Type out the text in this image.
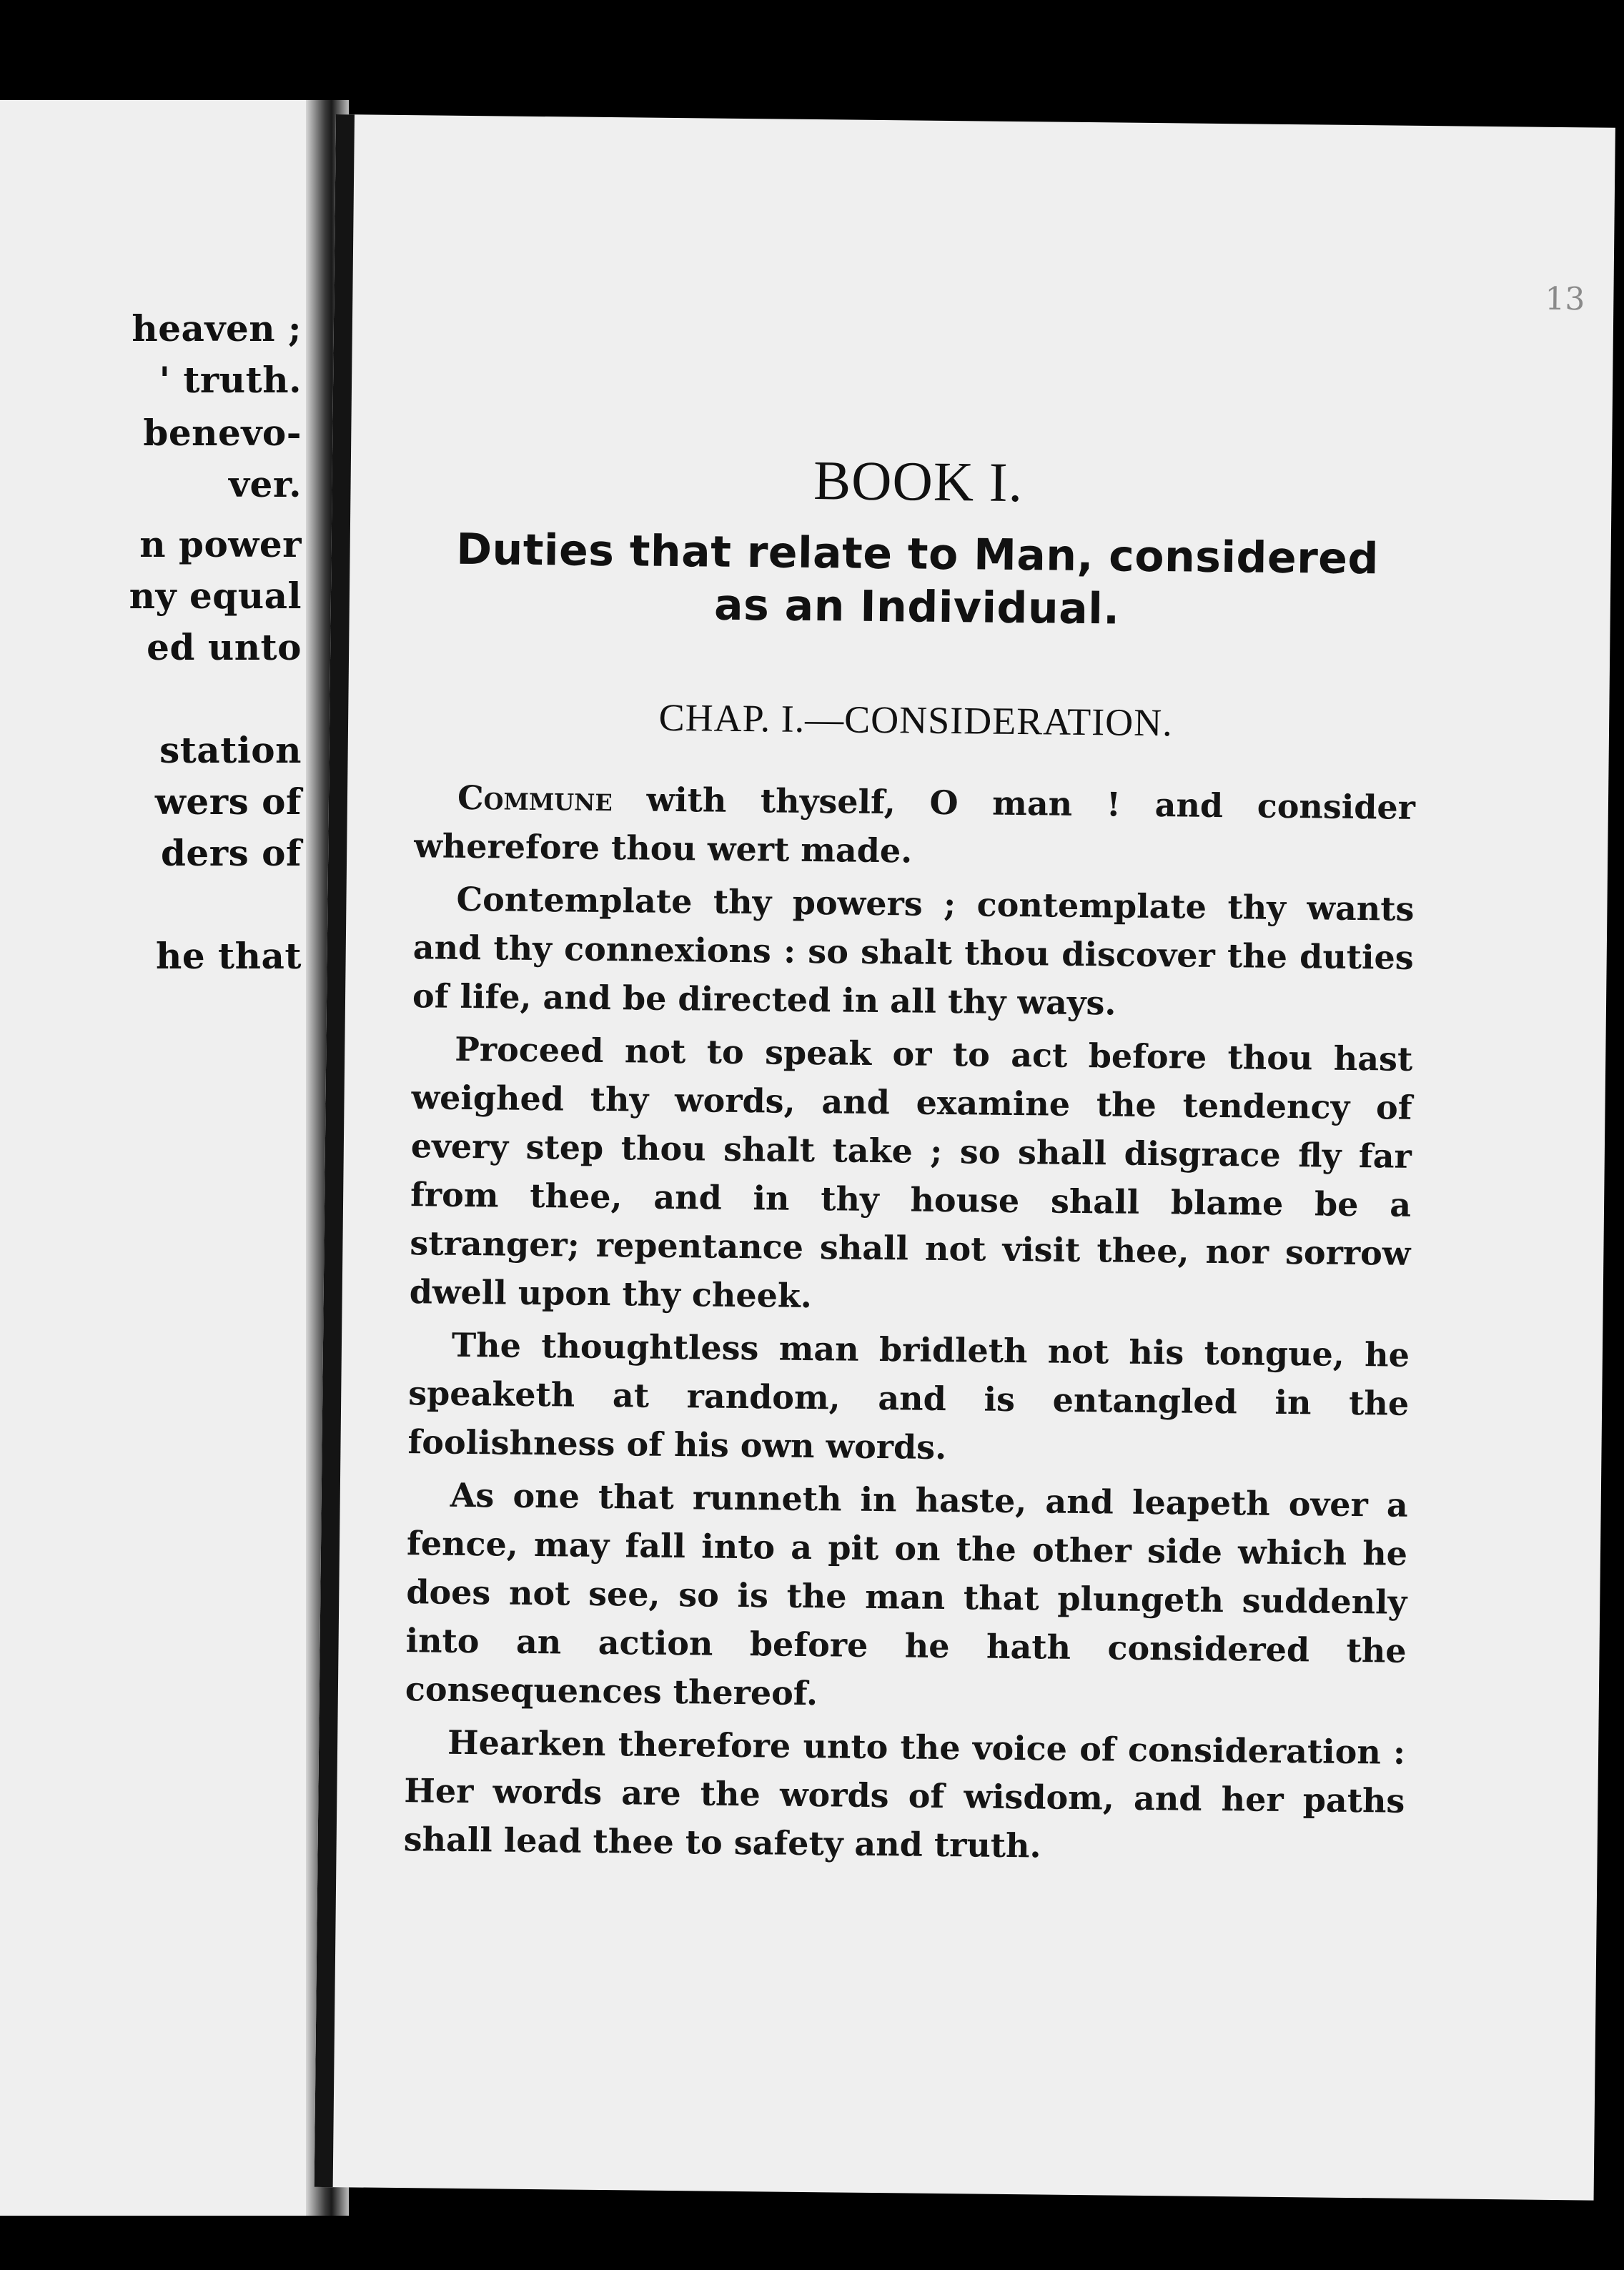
heaven ;
' truth.
benevo-
ver.
n power
ny equal
ed unto
station
wers of
ders of
he that
13
BOOK I.
Duties that relate to Man, considered
as an Individual.
CHAP. I.—CONSIDERATION.

Commune with thyself, O man ! and consider wherefore thou wert made.

Contemplate thy powers ; contemplate thy wants and thy connexions : so shalt thou discover the duties of life, and be directed in all thy ways.

Proceed not to speak or to act before thou hast weighed thy words, and examine the tendency of every step thou shalt take ; so shall disgrace fly far from thee, and in thy house shall blame be a stranger; repentance shall not visit thee, nor sorrow dwell upon thy cheek.

The thoughtless man bridleth not his tongue, he speaketh at random, and is entangled in the foolishness of his own words.

As one that runneth in haste, and leapeth over a fence, may fall into a pit on the other side which he does not see, so is the man that plungeth suddenly into an action before he hath considered the consequences thereof.

Hearken therefore unto the voice of consideration : Her words are the words of wisdom, and her paths shall lead thee to safety and truth.
